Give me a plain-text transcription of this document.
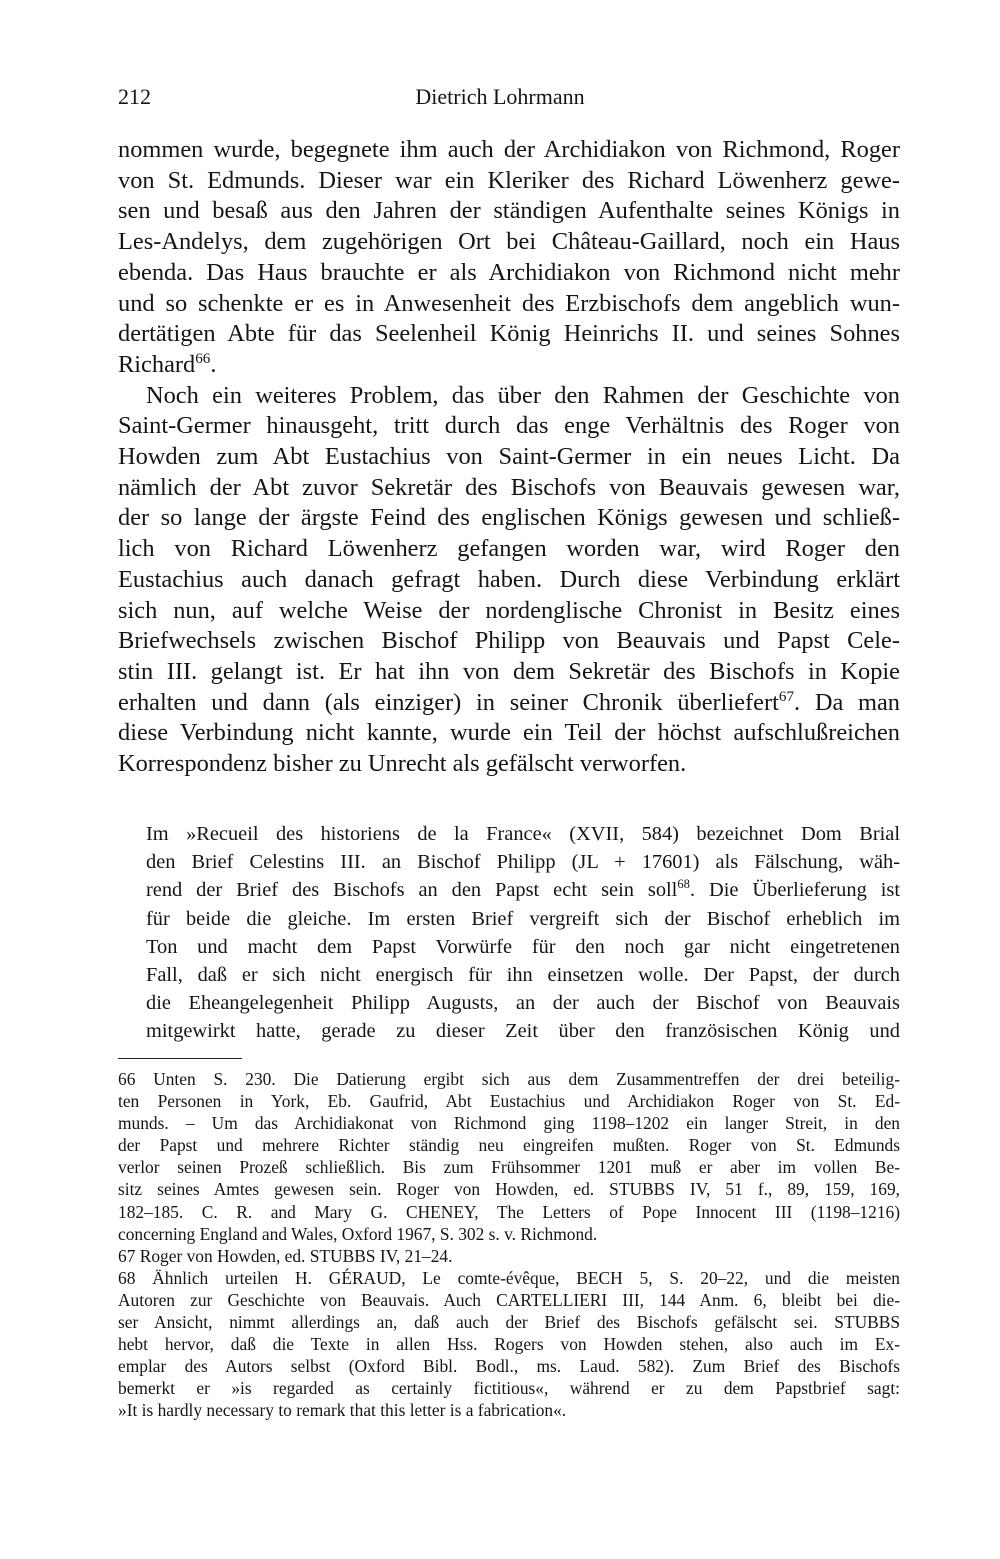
212	Dietrich Lohrmann
nommen wurde, begegnete ihm auch der Archidiakon von Richmond, Roger
von St. Edmunds. Dieser war ein Kleriker des Richard Löwenherz gewe-
sen und besaß aus den Jahren der ständigen Aufenthalte seines Königs in
Les-Andelys, dem zugehörigen Ort bei Château-Gaillard, noch ein Haus
ebenda. Das Haus brauchte er als Archidiakon von Richmond nicht mehr
und so schenkte er es in Anwesenheit des Erzbischofs dem angeblich wun-
dertätigen Abte für das Seelenheil König Heinrichs II. und seines Sohnes
Richard$^{66}$.
Noch ein weiteres Problem, das über den Rahmen der Geschichte von
Saint-Germer hinausgeht, tritt durch das enge Verhältnis des Roger von
Howden zum Abt Eustachius von Saint-Germer in ein neues Licht. Da
nämlich der Abt zuvor Sekretär des Bischofs von Beauvais gewesen war,
der so lange der ärgste Feind des englischen Königs gewesen und schließ-
lich von Richard Löwenherz gefangen worden war, wird Roger den
Eustachius auch danach gefragt haben. Durch diese Verbindung erklärt
sich nun, auf welche Weise der nordenglische Chronist in Besitz eines
Briefwechsels zwischen Bischof Philipp von Beauvais und Papst Cele-
stin III. gelangt ist. Er hat ihn von dem Sekretär des Bischofs in Kopie
erhalten und dann (als einziger) in seiner Chronik überliefert$^{67}$. Da man
diese Verbindung nicht kannte, wurde ein Teil der höchst aufschlußreichen
Korrespondenz bisher zu Unrecht als gefälscht verworfen.
Im »Recueil des historiens de la France« (XVII, 584) bezeichnet Dom Brial
den Brief Celestins III. an Bischof Philipp (JL + 17601) als Fälschung, wäh-
rend der Brief des Bischofs an den Papst echt sein soll$^{68}$. Die Überlieferung ist
für beide die gleiche. Im ersten Brief vergreift sich der Bischof erheblich im
Ton und macht dem Papst Vorwürfe für den noch gar nicht eingetretenen
Fall, daß er sich nicht energisch für ihn einsetzen wolle. Der Papst, der durch
die Eheangelegenheit Philipp Augusts, an der auch der Bischof von Beauvais
mitgewirkt hatte, gerade zu dieser Zeit über den französischen König und
66 Unten S. 230. Die Datierung ergibt sich aus dem Zusammentreffen der drei beteilig-
ten Personen in York, Eb. Gaufrid, Abt Eustachius und Archidiakon Roger von St. Ed-
munds. – Um das Archidiakonat von Richmond ging 1198–1202 ein langer Streit, in den
der Papst und mehrere Richter ständig neu eingreifen mußten. Roger von St. Edmunds
verlor seinen Prozeß schließlich. Bis zum Frühsommer 1201 muß er aber im vollen Be-
sitz seines Amtes gewesen sein. Roger von Howden, ed. STUBBS IV, 51 f., 89, 159, 169,
182–185. C. R. and Mary G. CHENEY, The Letters of Pope Innocent III (1198–1216)
concerning England and Wales, Oxford 1967, S. 302 s. v. Richmond.
67 Roger von Howden, ed. STUBBS IV, 21–24.
68 Ähnlich urteilen H. GÉRAUD, Le comte-évêque, BECH 5, S. 20–22, und die meisten
Autoren zur Geschichte von Beauvais. Auch CARTELLIERI III, 144 Anm. 6, bleibt bei die-
ser Ansicht, nimmt allerdings an, daß auch der Brief des Bischofs gefälscht sei. STUBBS
hebt hervor, daß die Texte in allen Hss. Rogers von Howden stehen, also auch im Ex-
emplar des Autors selbst (Oxford Bibl. Bodl., ms. Laud. 582). Zum Brief des Bischofs
bemerkt er »is regarded as certainly fictitious«, während er zu dem Papstbrief sagt:
»It is hardly necessary to remark that this letter is a fabrication«.
